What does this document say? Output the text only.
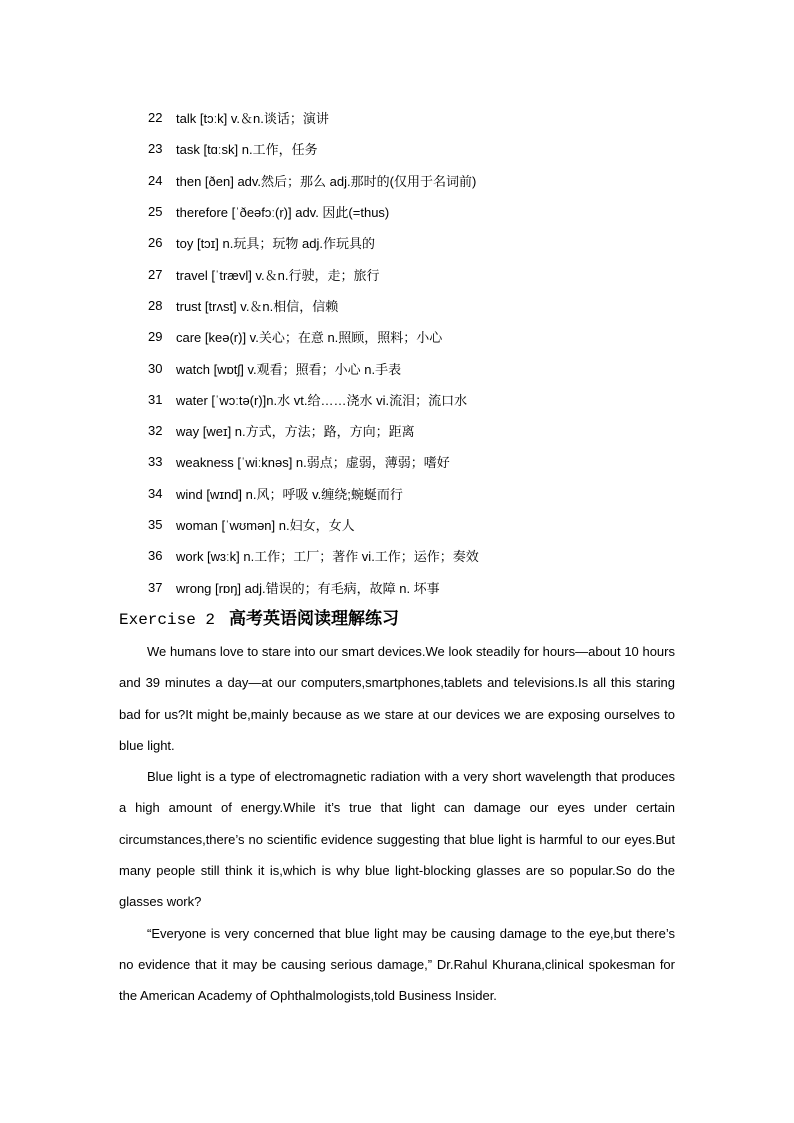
22	talk [tɔːk] v.＆n.谈话；演讲
23	task [tɑːsk] n.工作，任务
24	then [ðen] adv.然后；那么 adj.那时的(仅用于名词前)
25	therefore [ˈðeəfɔː(r)] adv. 因此(=thus)
26	toy [tɔɪ] n.玩具；玩物 adj.作玩具的
27	travel [ˈtrævl] v.＆n.行驶，走；旅行
28	trust [trʌst] v.＆n.相信，信赖
29	care [keə(r)] v.关心；在意 n.照顾，照料；小心
30	watch [wɒtʃ] v.观看；照看；小心 n.手表
31	water [ˈwɔːtə(r)]n.水 vt.给……浇水 vi.流泪；流口水
32	way [weɪ] n.方式，方法；路，方向；距离
33	weakness [ˈwiːknəs] n.弱点；虚弱，薄弱；嗜好
34	wind [wɪnd] n.风；呼吸 v.缠绕;蜿蜒而行
35	woman [ˈwʊmən] n.妇女，女人
36	work [wɜːk] n.工作；工厂；著作 vi.工作；运作；奏效
37	wrong [rɒŋ] adj.错误的；有毛病，故障 n. 坏事
Exercise 2 高考英语阅读理解练习

We humans love to stare into our smart devices.We look steadily for hours—about 10 hours and 39 minutes a day—at our computers,smartphones,tablets and televisions.Is all this staring bad for us?It might be,mainly because as we stare at our devices we are exposing ourselves to blue light.

Blue light is a type of electromagnetic radiation with a very short wavelength that produces a high amount of energy.While it’s true that light can damage our eyes under certain circumstances,there’s no scientific evidence suggesting that blue light is harmful to our eyes.But many people still think it is,which is why blue light-blocking glasses are so popular.So do the glasses work?

“Everyone is very concerned that blue light may be causing damage to the eye,but there’s no evidence that it may be causing serious damage,” Dr.Rahul Khurana,clinical spokesman for the American Academy of Ophthalmologists,told Business Insider.
